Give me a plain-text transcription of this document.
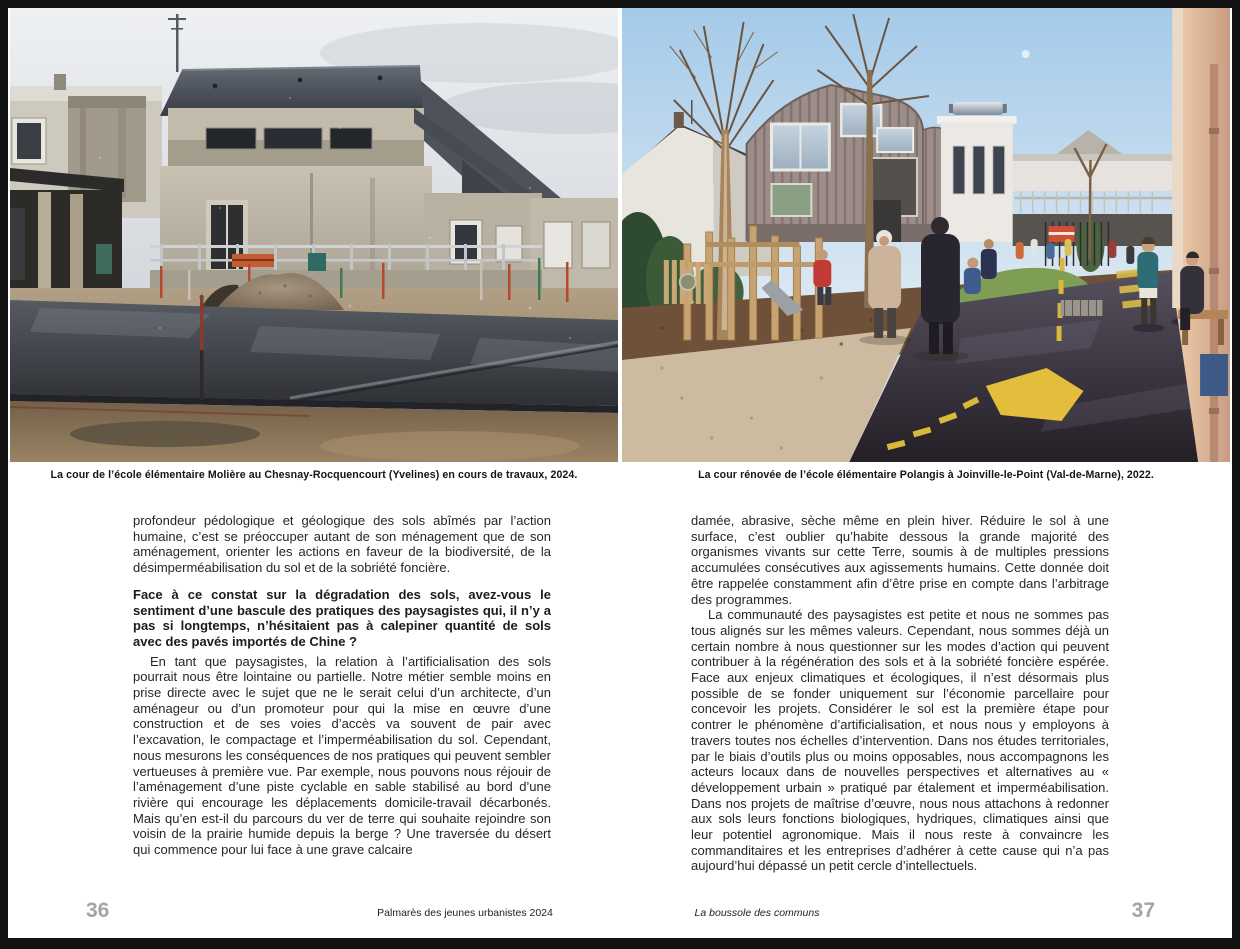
La cour de l’école élémentaire Molière au Chesnay-Rocquencourt (Yvelines) en cours de travaux, 2024.	La cour rénovée de l’école élémentaire Polangis à Joinville-le-Point (Val-de-Marne), 2022.

profondeur pédologique et géologique des sols abîmés par l’action humaine, c’est se préoccuper autant de son ménagement que de son aménagement, orienter les actions en faveur de la biodiversité, de la désimperméabilisation du sol et de la sobriété foncière.

Face à ce constat sur la dégradation des sols, avez-vous le sentiment d’une bascule des pratiques des paysagistes qui, il n’y a pas si longtemps, n’hésitaient pas à calepiner quantité de sols avec des pavés importés de Chine ?

En tant que paysagistes, la relation à l’artificialisation des sols pourrait nous être lointaine ou partielle. Notre métier semble moins en prise directe avec le sujet que ne le serait celui d’un architecte, d’un aménageur ou d’un promoteur pour qui la mise en œuvre d’une construction et de ses voies d’accès va souvent de pair avec l’excavation, le compactage et l’imperméabilisation du sol. Cependant, nous mesurons les conséquences de nos pratiques qui peuvent sembler vertueuses à première vue. Par exemple, nous pouvons nous réjouir de l’aménagement d’une piste cyclable en sable stabilisé au bord d’une rivière qui encourage les déplacements domicile-travail décarbonés. Mais qu’en est-il du parcours du ver de terre qui souhaite rejoindre son voisin de la prairie humide depuis la berge ? Une traversée du désert qui commence pour lui face à une grave calcaire

damée, abrasive, sèche même en plein hiver. Réduire le sol à une surface, c’est oublier qu’habite dessous la grande majorité des organismes vivants sur cette Terre, soumis à de multiples pressions accumulées consécutives aux agissements humains. Cette donnée doit être rappelée constamment afin d’être prise en compte dans l’arbitrage des programmes.

La communauté des paysagistes est petite et nous ne sommes pas tous alignés sur les mêmes valeurs. Cependant, nous sommes déjà un certain nombre à nous questionner sur les modes d’action qui peuvent contribuer à la régénération des sols et à la sobriété foncière espérée. Face aux enjeux climatiques et écologiques, il n’est désormais plus possible de se fonder uniquement sur l’économie parcellaire pour concevoir les projets. Considérer le sol est la première étape pour contrer le phénomène d’artificialisation, et nous nous y employons à travers toutes nos échelles d’intervention. Dans nos études territoriales, par le biais d’outils plus ou moins opposables, nous accompagnons les acteurs locaux dans de nouvelles perspectives et alternatives au « développement urbain » pratiqué par étalement et imperméabilisation. Dans nos projets de maîtrise d’œuvre, nous nous attachons à redonner aux sols leurs fonctions biologiques, hydriques, climatiques ainsi que leur potentiel agronomique. Mais il nous reste à convaincre les commanditaires et les entreprises d’adhérer à cette cause qui n’a pas aujourd’hui dépassé un petit cercle d’intellectuels.

36	Palmarès des jeunes urbanistes 2024	La boussole des communs	37
